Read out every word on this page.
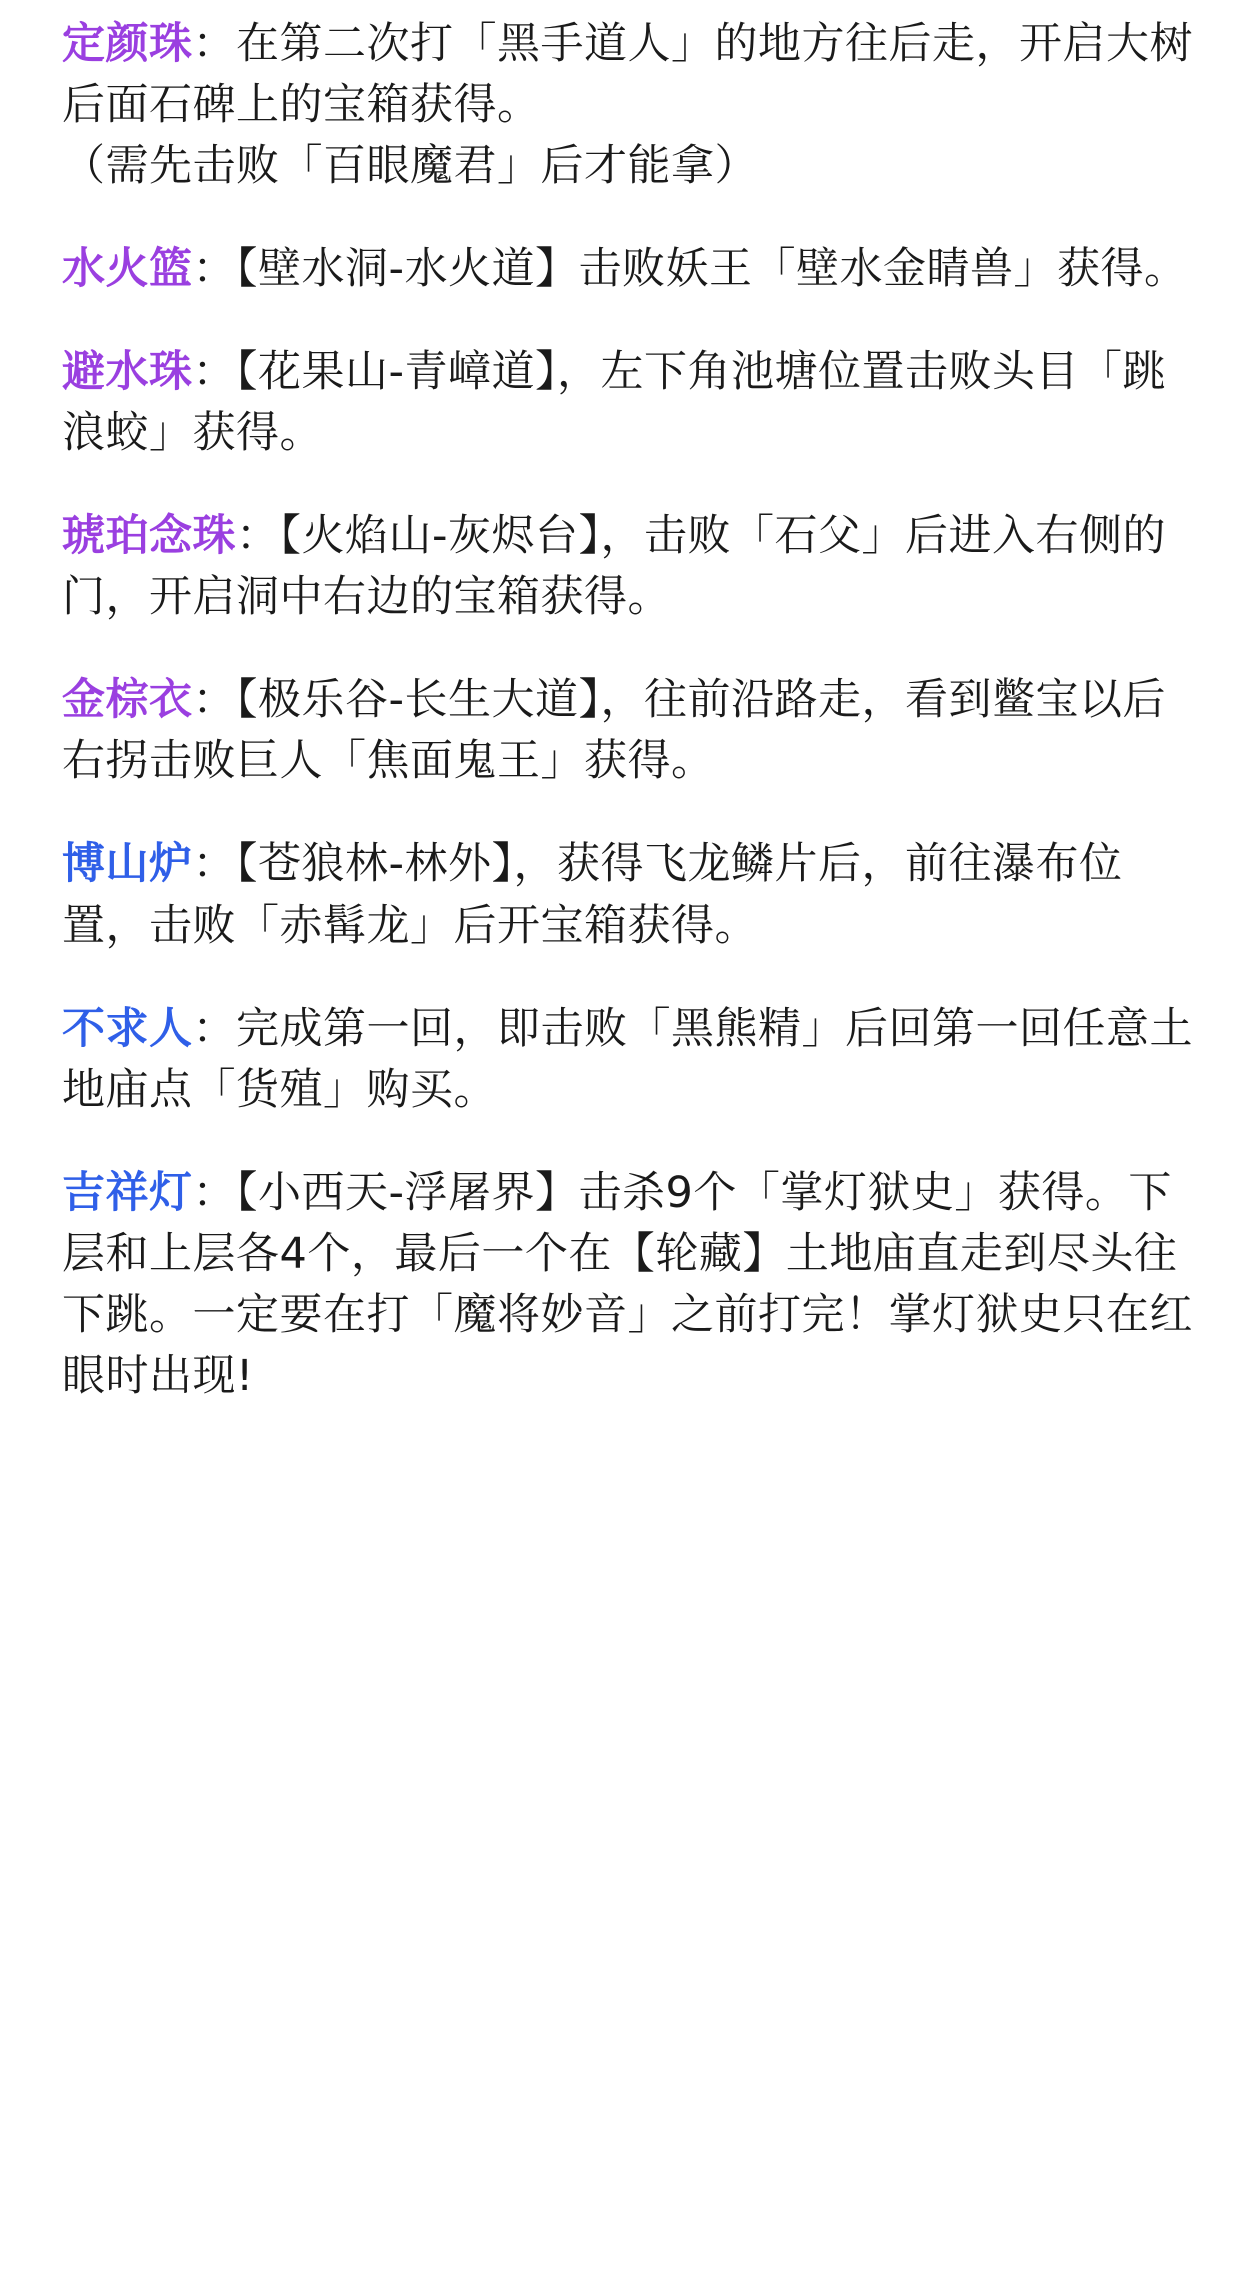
定颜珠：在第二次打「黑手道人」的地方往后走，开启大树后面石碑上的宝箱获得。

（需先击败「百眼魔君」后才能拿）

水火篮：【壁水洞-水火道】击败妖王「壁水金睛兽」获得。

避水珠：【花果山-青嶂道】，左下角池塘位置击败头目「跳浪蛟」获得。

琥珀念珠：【火焰山-灰烬台】，击败「石父」后进入右侧的门，开启洞中右边的宝箱获得。

金棕衣：【极乐谷-长生大道】，往前沿路走，看到鳖宝以后右拐击败巨人「焦面鬼王」获得。

博山炉：【苍狼林-林外】，获得飞龙鳞片后，前往瀑布位置，击败「赤髯龙」后开宝箱获得。

不求人：完成第一回，即击败「黑熊精」后回第一回任意土地庙点「货殖」购买。

吉祥灯：【小西天-浮屠界】击杀9个「掌灯狱史」获得。下层和上层各4个，最后一个在【轮藏】土地庙直走到尽头往下跳。一定要在打「魔将妙音」之前打完！掌灯狱史只在红眼时出现!
